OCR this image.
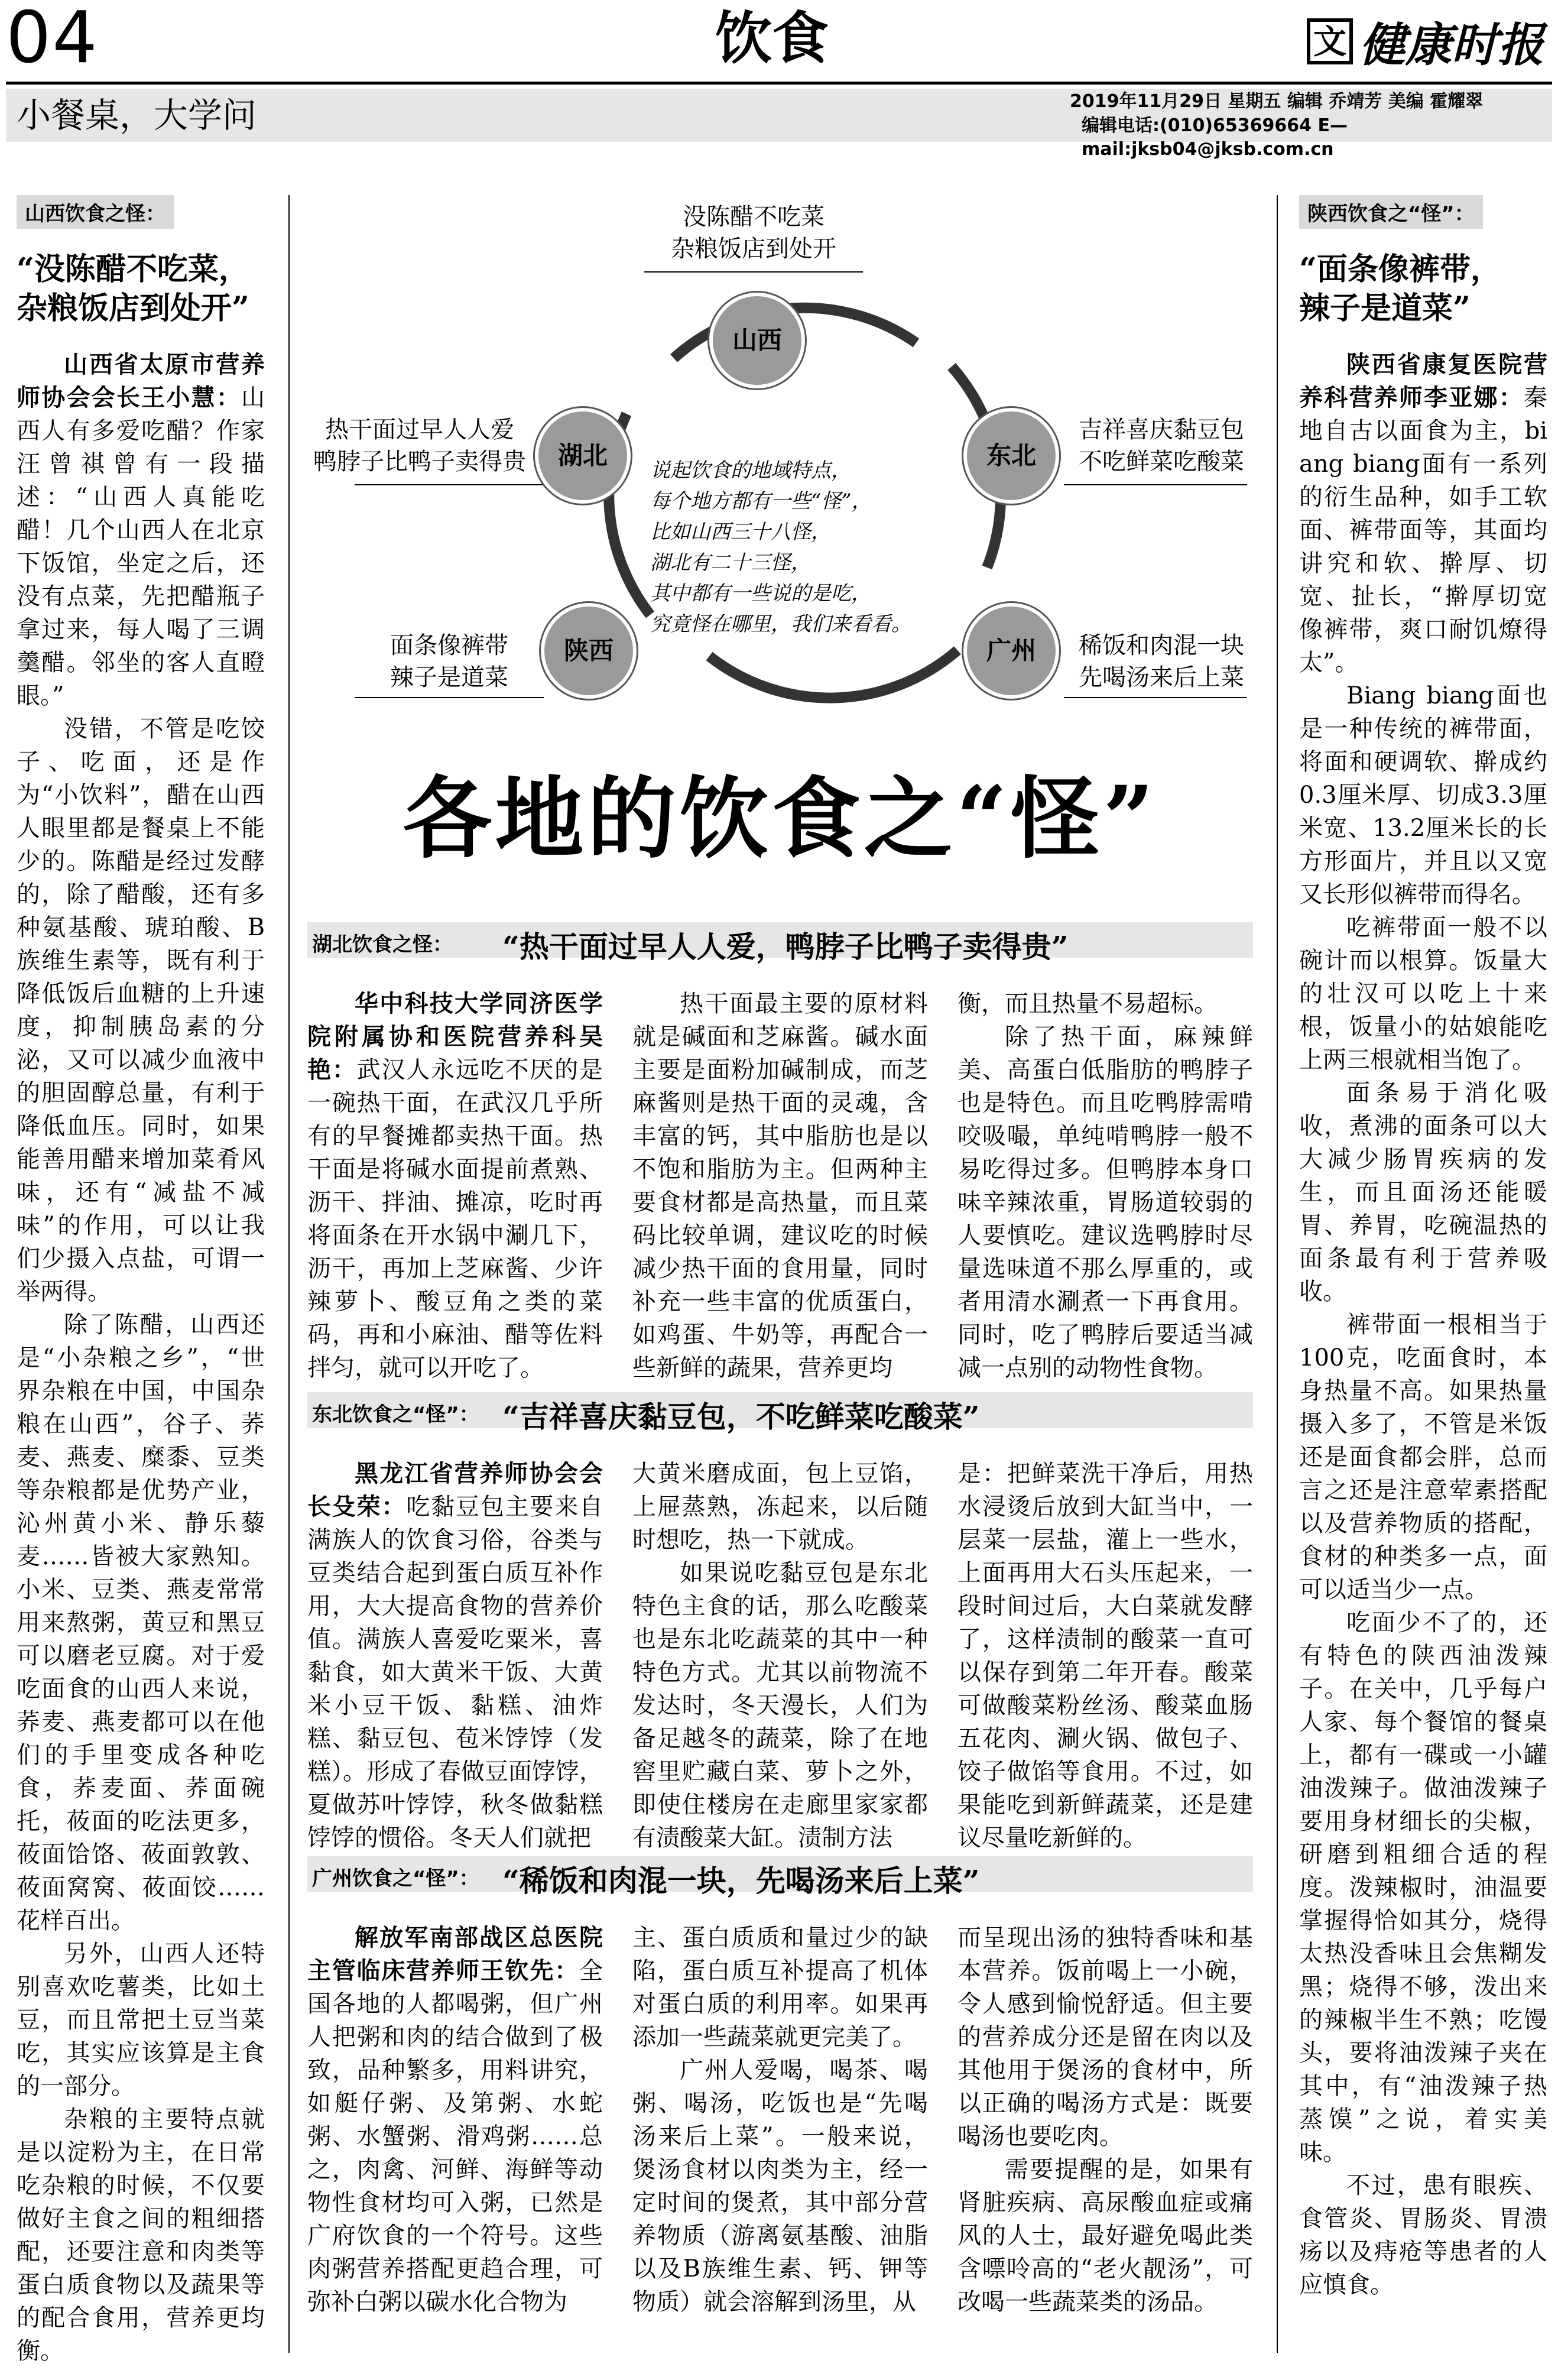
04	饮食	文 健康时报
小餐桌，大学问	2019年11月29日 星期五 编辑 乔靖芳 美编 霍耀翠
编辑电话:(010)65369664 E—mail:jksb04@jksb.com.cn
山西饮食之怪：
“没陈醋不吃菜，
杂粮饭店到处开”

山西省太原市营养师协会会长王小慧：山西人有多爱吃醋？作家汪曾祺曾有一段描述：“山西人真能吃醋！几个山西人在北京下饭馆，坐定之后，还没有点菜，先把醋瓶子拿过来，每人喝了三调羹醋。邻坐的客人直瞪眼。”

没错，不管是吃饺子、吃面，还是作为“小饮料”，醋在山西人眼里都是餐桌上不能少的。陈醋是经过发酵的，除了醋酸，还有多种氨基酸、琥珀酸、B族维生素等，既有利于降低饭后血糖的上升速度，抑制胰岛素的分泌，又可以减少血液中的胆固醇总量，有利于降低血压。同时，如果能善用醋来增加菜肴风味，还有“减盐不减味”的作用，可以让我们少摄入点盐，可谓一举两得。

除了陈醋，山西还是“小杂粮之乡”，“世界杂粮在中国，中国杂粮在山西”，谷子、荞麦、燕麦、糜黍、豆类等杂粮都是优势产业，沁州黄小米、静乐藜麦……皆被大家熟知。小米、豆类、燕麦常常用来熬粥，黄豆和黑豆可以磨老豆腐。对于爱吃面食的山西人来说，荞麦、燕麦都可以在他们的手里变成各种吃食，荞麦面、荞面碗托，莜面的吃法更多，莜面饸饹、莜面敦敦、莜面窝窝、莜面饺……花样百出。

另外，山西人还特别喜欢吃薯类，比如土豆，而且常把土豆当菜吃，其实应该算是主食的一部分。

杂粮的主要特点就是以淀粉为主，在日常吃杂粮的时候，不仅要做好主食之间的粗细搭配，还要注意和肉类等蛋白质食物以及蔬果等的配合食用，营养更均衡。

陕西饮食之“怪”：
“面条像裤带，
辣子是道菜”

陕西省康复医院营养科营养师李亚娜：秦地自古以面食为主，biang biang面有一系列的衍生品种，如手工软面、裤带面等，其面均讲究和软、擀厚、切宽、扯长，“擀厚切宽像裤带，爽口耐饥燎得太”。

Biang biang面也是一种传统的裤带面，将面和硬调软、擀成约0.3厘米厚、切成3.3厘米宽、13.2厘米长的长方形面片，并且以又宽又长形似裤带而得名。

吃裤带面一般不以碗计而以根算。饭量大的壮汉可以吃上十来根，饭量小的姑娘能吃上两三根就相当饱了。

面条易于消化吸收，煮沸的面条可以大大减少肠胃疾病的发生，而且面汤还能暖胃、养胃，吃碗温热的面条最有利于营养吸收。

裤带面一根相当于100克，吃面食时，本身热量不高。如果热量摄入多了，不管是米饭还是面食都会胖，总而言之还是注意荤素搭配以及营养物质的搭配，食材的种类多一点，面可以适当少一点。

吃面少不了的，还有特色的陕西油泼辣子。在关中，几乎每户人家、每个餐馆的餐桌上，都有一碟或一小罐油泼辣子。做油泼辣子要用身材细长的尖椒，研磨到粗细合适的程度。泼辣椒时，油温要掌握得恰如其分，烧得太热没香味且会焦糊发黑；烧得不够，泼出来的辣椒半生不熟；吃馒头，要将油泼辣子夹在其中，有“油泼辣子热蒸馍”之说，着实美味。

不过，患有眼疾、食管炎、胃肠炎、胃溃疡以及痔疮等患者的人应慎食。

没陈醋不吃菜
杂粮饭店到处开
山西
热干面过早人人爱
鸭脖子比鸭子卖得贵	湖北
吉祥喜庆黏豆包
不吃鲜菜吃酸菜
东北
面条像裤带
辣子是道菜
陕西	稀饭和肉混一块
先喝汤来后上菜
广州
说起饮食的地域特点，
每个地方都有一些“怪”，
比如山西三十八怪，
湖北有二十三怪，
其中都有一些说的是吃，
究竟怪在哪里，我们来看看。
各地的饮食之“怪”
湖北饮食之怪： “热干面过早人人爱，鸭脖子比鸭子卖得贵”

华中科技大学同济医学院附属协和医院营养科吴艳：武汉人永远吃不厌的是一碗热干面，在武汉几乎所有的早餐摊都卖热干面。热干面是将碱水面提前煮熟、沥干、拌油、摊凉，吃时再将面条在开水锅中涮几下，沥干，再加上芝麻酱、少许辣萝卜、酸豆角之类的菜码，再和小麻油、醋等佐料拌匀，就可以开吃了。

热干面最主要的原材料就是碱面和芝麻酱。碱水面主要是面粉加碱制成，而芝麻酱则是热干面的灵魂，含丰富的钙，其中脂肪也是以不饱和脂肪为主。但两种主要食材都是高热量，而且菜码比较单调，建议吃的时候减少热干面的食用量，同时补充一些丰富的优质蛋白，如鸡蛋、牛奶等，再配合一些新鲜的蔬果，营养更均

衡，而且热量不易超标。

除了热干面，麻辣鲜美、高蛋白低脂肪的鸭脖子也是特色。而且吃鸭脖需啃咬吸嘬，单纯啃鸭脖一般不易吃得过多。但鸭脖本身口味辛辣浓重，胃肠道较弱的人要慎吃。建议选鸭脖时尽量选味道不那么厚重的，或者用清水涮煮一下再食用。同时，吃了鸭脖后要适当减减一点别的动物性食物。

东北饮食之“怪”： “吉祥喜庆黏豆包，不吃鲜菜吃酸菜”

黑龙江省营养师协会会长殳荣：吃黏豆包主要来自满族人的饮食习俗，谷类与豆类结合起到蛋白质互补作用，大大提高食物的营养价值。满族人喜爱吃粟米，喜黏食，如大黄米干饭、大黄米小豆干饭、黏糕、油炸糕、黏豆包、苞米饽饽（发糕）。形成了春做豆面饽饽，夏做苏叶饽饽，秋冬做黏糕饽饽的惯俗。冬天人们就把

大黄米磨成面，包上豆馅，上屉蒸熟，冻起来，以后随时想吃，热一下就成。

如果说吃黏豆包是东北特色主食的话，那么吃酸菜也是东北吃蔬菜的其中一种特色方式。尤其以前物流不发达时，冬天漫长，人们为备足越冬的蔬菜，除了在地窖里贮藏白菜、萝卜之外，即使住楼房在走廊里家家都有渍酸菜大缸。渍制方法

是：把鲜菜洗干净后，用热水浸烫后放到大缸当中，一层菜一层盐，灌上一些水，上面再用大石头压起来，一段时间过后，大白菜就发酵了，这样渍制的酸菜一直可以保存到第二年开春。酸菜可做酸菜粉丝汤、酸菜血肠五花肉、涮火锅、做包子、饺子做馅等食用。不过，如果能吃到新鲜蔬菜，还是建议尽量吃新鲜的。

广州饮食之“怪”： “稀饭和肉混一块，先喝汤来后上菜”

解放军南部战区总医院主管临床营养师王钦先：全国各地的人都喝粥，但广州人把粥和肉的结合做到了极致，品种繁多，用料讲究，如艇仔粥、及第粥、水蛇粥、水蟹粥、滑鸡粥……总之，肉禽、河鲜、海鲜等动物性食材均可入粥，已然是广府饮食的一个符号。这些肉粥营养搭配更趋合理，可弥补白粥以碳水化合物为

主、蛋白质质和量过少的缺陷，蛋白质互补提高了机体对蛋白质的利用率。如果再添加一些蔬菜就更完美了。

广州人爱喝，喝茶、喝粥、喝汤，吃饭也是“先喝汤来后上菜”。一般来说，煲汤食材以肉类为主，经一定时间的煲煮，其中部分营养物质（游离氨基酸、油脂以及B族维生素、钙、钾等物质）就会溶解到汤里，从

而呈现出汤的独特香味和基本营养。饭前喝上一小碗，令人感到愉悦舒适。但主要的营养成分还是留在肉以及其他用于煲汤的食材中，所以正确的喝汤方式是：既要喝汤也要吃肉。

需要提醒的是，如果有肾脏疾病、高尿酸血症或痛风的人士，最好避免喝此类含嘌呤高的“老火靓汤”，可改喝一些蔬菜类的汤品。
